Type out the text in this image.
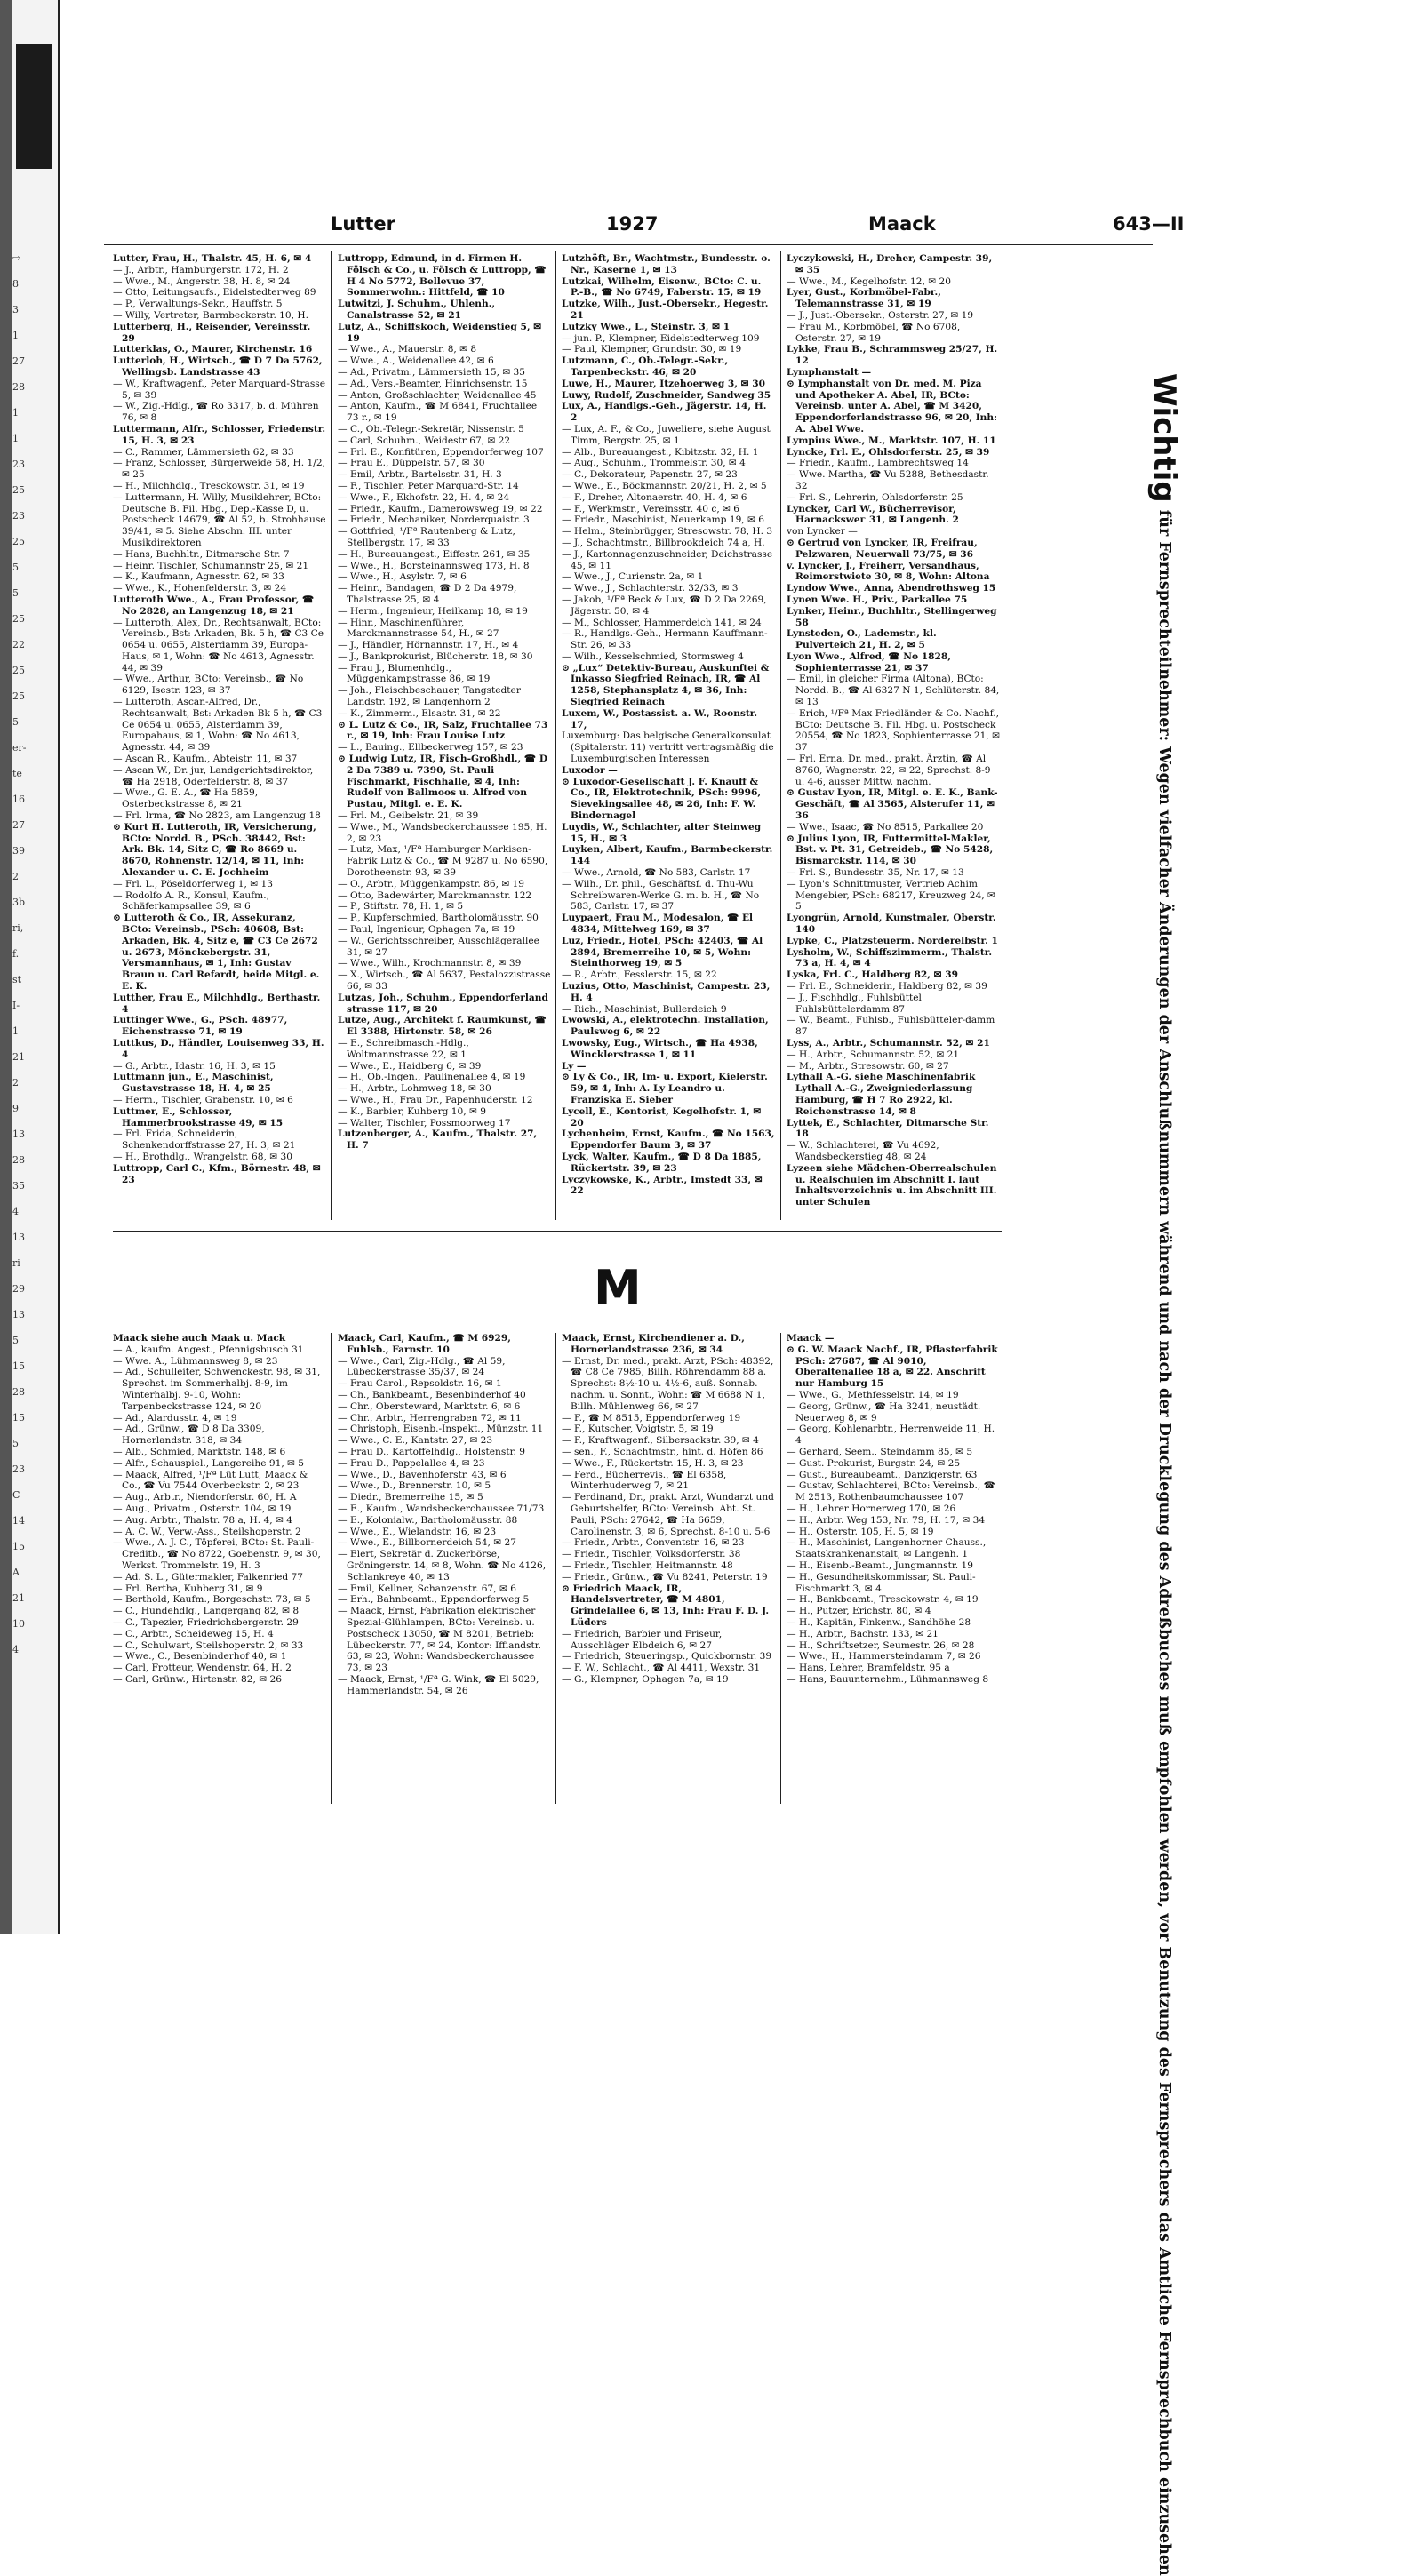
⇨
8
3
1
27
28
1
1
23
25
23
25
5
5
25
22
25
25
5
er-
te
16
27
39
2
3b
ri,
f.
st
I-
1
21
2
9
13
28
35
4
13
ri
29
13
5
15
28
15
5
23
C
14
15
A
21
10
4
Lutter	1927	Maack	643—II

Lutter, Frau, H., Thalstr. 45, H. 6, ✉ 4

— J., Arbtr., Hamburgerstr. 172, H. 2

— Wwe., M., Angerstr. 38, H. 8, ✉ 24

— Otto, Leitungsaufs., Eidelstedterweg 89

— P., Verwaltungs-Sekr., Hauffstr. 5

— Willy, Vertreter, Barmbeckerstr. 10, H.

Lutterberg, H., Reisender, Vereinsstr. 29

Lutterklas, O., Maurer, Kirchenstr. 16

Lutterloh, H., Wirtsch., ☎ D 7 Da 5762, Wellingsb. Landstrasse 43

— W., Kraftwagenf., Peter Marquard-Strasse 5, ✉ 39

— W., Zig.-Hdlg., ☎ Ro 3317, b. d. Mühren 76, ✉ 8

Luttermann, Alfr., Schlosser, Friedenstr. 15, H. 3, ✉ 23

— C., Rammer, Lämmersieth 62, ✉ 33

— Franz, Schlosser, Bürgerweide 58, H. 1/2, ✉ 25

— H., Milchhdlg., Tresckowstr. 31, ✉ 19

— Luttermann, H. Willy, Musiklehrer, BCto: Deutsche B. Fil. Hbg., Dep.-Kasse D, u. Postscheck 14679, ☎ Al 52, b. Strohhause 39/41, ✉ 5. Siehe Abschn. III. unter Musikdirektoren

— Hans, Buchhltr., Ditmarsche Str. 7

— Heinr. Tischler, Schumannstr 25, ✉ 21

— K., Kaufmann, Agnesstr. 62, ✉ 33

— Wwe., K., Hohenfelderstr. 3, ✉ 24

Lutteroth Wwe., A., Frau Professor, ☎ No 2828, an Langenzug 18, ✉ 21

— Lutteroth, Alex, Dr., Rechtsanwalt, BCto: Vereinsb., Bst: Arkaden, Bk. 5 h, ☎ C3 Ce 0654 u. 0655, Alsterdamm 39, Europa-Haus, ✉ 1, Wohn: ☎ No 4613, Agnesstr. 44, ✉ 39

— Wwe., Arthur, BCto: Vereinsb., ☎ No 6129, Isestr. 123, ✉ 37

— Lutteroth, Ascan-Alfred, Dr., Rechtsanwalt, Bst: Arkaden Bk 5 h, ☎ C3 Ce 0654 u. 0655, Alsterdamm 39, Europahaus, ✉ 1, Wohn: ☎ No 4613, Agnesstr. 44, ✉ 39

— Ascan R., Kaufm., Abteistr. 11, ✉ 37

— Ascan W., Dr. jur, Landgerichtsdirektor, ☎ Ha 2918, Oderfelderstr. 8, ✉ 37

— Wwe., G. E. A., ☎ Ha 5859, Osterbeckstrasse 8, ✉ 21

— Frl. Irma, ☎ No 2823, am Langenzug 18

⊙ Kurt H. Lutteroth, IR, Versicherung, BCto: Nordd. B., PSch. 38442, Bst: Ark. Bk. 14, Sitz C, ☎ Ro 8669 u. 8670, Rohnenstr. 12/14, ✉ 11, Inh: Alexander u. C. E. Jochheim

— Frl. L., Pöseldorferweg 1, ✉ 13

— Rodolfo A. R., Konsul, Kaufm., Schäferkampsallee 39, ✉ 6

⊙ Lutteroth & Co., IR, Assekuranz, BCto: Vereinsb., PSch: 40608, Bst: Arkaden, Bk. 4, Sitz e, ☎ C3 Ce 2672 u. 2673, Mönckebergstr. 31, Versmannhaus, ✉ 1, Inh: Gustav Braun u. Carl Refardt, beide Mitgl. e. E. K.

Lutther, Frau E., Milchhdlg., Berthastr. 4

Luttinger Wwe., G., PSch. 48977, Eichenstrasse 71, ✉ 19

Luttkus, D., Händler, Louisenweg 33, H. 4

— G., Arbtr., Idastr. 16, H. 3, ✉ 15

Luttmann jun., E., Maschinist, Gustavstrasse 18, H. 4, ✉ 25

— Herm., Tischler, Grabenstr. 10, ✉ 6

Luttmer, E., Schlosser, Hammerbrookstrasse 49, ✉ 15

— Frl. Frida, Schneiderin, Schenkendorffstrasse 27, H. 3, ✉ 21

— H., Brothdlg., Wrangelstr. 68, ✉ 30

Luttropp, Carl C., Kfm., Börnestr. 48, ✉ 23

Luttropp, Edmund, in d. Firmen H. Fölsch & Co., u. Fölsch & Luttropp, ☎ H 4 No 5772, Bellevue 37, Sommerwohn.: Hittfeld, ☎ 10

Lutwitzi, J. Schuhm., Uhlenh., Canalstrasse 52, ✉ 21

Lutz, A., Schiffskoch, Weidenstieg 5, ✉ 19

— Wwe., A., Mauerstr. 8, ✉ 8

— Wwe., A., Weidenallee 42, ✉ 6

— Ad., Privatm., Lämmersieth 15, ✉ 35

— Ad., Vers.-Beamter, Hinrichsenstr. 15

— Anton, Großschlachter, Weidenallee 45

— Anton, Kaufm., ☎ M 6841, Fruchtallee 73 r., ✉ 19

— C., Ob.-Telegr.-Sekretär, Nissenstr. 5

— Carl, Schuhm., Weidestr 67, ✉ 22

— Frl. E., Konfitüren, Eppendorferweg 107

— Frau E., Düppelstr. 57, ✉ 30

— Emil, Arbtr., Bartelsstr. 31, H. 3

— F., Tischler, Peter Marquard-Str. 14

— Wwe., F., Ekhofstr. 22, H. 4, ✉ 24

— Friedr., Kaufm., Damerowsweg 19, ✉ 22

— Friedr., Mechaniker, Norderquaistr. 3

— Gottfried, ¹/Fª Rautenberg & Lutz, Stellbergstr. 17, ✉ 33

— H., Bureauangest., Eiffestr. 261, ✉ 35

— Wwe., H., Borsteinannsweg 173, H. 8

— Wwe., H., Asylstr. 7, ✉ 6

— Heinr., Bandagen, ☎ D 2 Da 4979, Thalstrasse 25, ✉ 4

— Herm., Ingenieur, Heilkamp 18, ✉ 19

— Hinr., Maschinenführer, Marckmannstrasse 54, H., ✉ 27

— J., Händler, Hörnannstr. 17, H., ✉ 4

— J., Bankprokurist, Blücherstr. 18, ✉ 30

— Frau J., Blumenhdlg., Müggenkampstrasse 86, ✉ 19

— Joh., Fleischbeschauer, Tangstedter Landstr. 192, ✉ Langenhorn 2

— K., Zimmerm., Elsastr. 31, ✉ 22

⊙ L. Lutz & Co., IR, Salz, Fruchtallee 73 r., ✉ 19, Inh: Frau Louise Lutz

— L., Bauing., Ellbeckerweg 157, ✉ 23

⊙ Ludwig Lutz, IR, Fisch-Großhdl., ☎ D 2 Da 7389 u. 7390, St. Pauli Fischmarkt, Fischhalle, ✉ 4, Inh: Rudolf von Ballmoos u. Alfred von Pustau, Mitgl. e. E. K.

— Frl. M., Geibelstr. 21, ✉ 39

— Wwe., M., Wandsbeckerchaussee 195, H. 2, ✉ 23

— Lutz, Max, ¹/Fª Hamburger Markisen-Fabrik Lutz & Co., ☎ M 9287 u. No 6590, Dorotheenstr. 93, ✉ 39

— O., Arbtr., Müggenkampstr. 86, ✉ 19

— Otto, Badewärter, Marckmannstr. 122

— P., Stiftstr. 78, H. 1, ✉ 5

— P., Kupferschmied, Bartholomäusstr. 90

— Paul, Ingenieur, Ophagen 7a, ✉ 19

— W., Gerichtsschreiber, Ausschlägerallee 31, ✉ 27

— Wwe., Wilh., Krochmannstr. 8, ✉ 39

— X., Wirtsch., ☎ Al 5637, Pestalozzistrasse 66, ✉ 33

Lutzas, Joh., Schuhm., Eppendorferland strasse 117, ✉ 20

Lutze, Aug., Architekt f. Raumkunst, ☎ El 3388, Hirtenstr. 58, ✉ 26

— E., Schreibmasch.-Hdlg., Woltmannstrasse 22, ✉ 1

— Wwe., E., Haidberg 6, ✉ 39

— H., Ob.-Ingen., Paulinenallee 4, ✉ 19

— H., Arbtr., Lohmweg 18, ✉ 30

— Wwe., H., Frau Dr., Papenhuderstr. 12

— K., Barbier, Kuhberg 10, ✉ 9

— Walter, Tischler, Possmoorweg 17

Lutzenberger, A., Kaufm., Thalstr. 27, H. 7

Lutzhöft, Br., Wachtmstr., Bundesstr. o. Nr., Kaserne 1, ✉ 13

Lutzkai, Wilhelm, Eisenw., BCto: C. u. P.-B., ☎ No 6749, Faberstr. 15, ✉ 19

Lutzke, Wilh., Just.-Obersekr., Hegestr. 21

Lutzky Wwe., L., Steinstr. 3, ✉ 1

— jun. P., Klempner, Eidelstedterweg 109

— Paul, Klempner, Grundstr. 30, ✉ 19

Lutzmann, C., Ob.-Telegr.-Sekr., Tarpenbeckstr. 46, ✉ 20

Luwe, H., Maurer, Itzehoerweg 3, ✉ 30

Luwy, Rudolf, Zuschneider, Sandweg 35

Lux, A., Handlgs.-Geh., Jägerstr. 14, H. 2

— Lux, A. F., & Co., Juweliere, siehe August Timm, Bergstr. 25, ✉ 1

— Alb., Bureauangest., Kibitzstr. 32, H. 1

— Aug., Schuhm., Trommelstr. 30, ✉ 4

— C., Dekorateur, Papenstr. 27, ✉ 23

— Wwe., E., Böckmannstr. 20/21, H. 2, ✉ 5

— F., Dreher, Altonaerstr. 40, H. 4, ✉ 6

— F., Werkmstr., Vereinsstr. 40 c, ✉ 6

— Friedr., Maschinist, Neuerkamp 19, ✉ 6

— Helm., Steinbrügger, Stresowstr. 78, H. 3

— J., Schachtmstr., Billbrookdeich 74 a, H.

— J., Kartonnagenzuschneider, Deichstrasse 45, ✉ 11

— Wwe., J., Curienstr. 2a, ✉ 1

— Wwe., J., Schlachterstr. 32/33, ✉ 3

— Jakob, ¹/Fª Beck & Lux, ☎ D 2 Da 2269, Jägerstr. 50, ✉ 4

— M., Schlosser, Hammerdeich 141, ✉ 24

— R., Handlgs.-Geh., Hermann Kauffmann-Str. 26, ✉ 33

— Wilh., Kesselschmied, Stormsweg 4

⊙ „Lux“ Detektiv-Bureau, Auskunftei & Inkasso Siegfried Reinach, IR, ☎ Al 1258, Stephansplatz 4, ✉ 36, Inh: Siegfried Reinach

Luxem, W., Postassist. a. W., Roonstr. 17,

Luxemburg: Das belgische Generalkonsulat (Spitalerstr. 11) vertritt vertragsmäßig die Luxemburgischen Interessen

Luxodor —

⊙ Luxodor-Gesellschaft J. F. Knauff & Co., IR, Elektrotechnik, PSch: 9996, Sievekingsallee 48, ✉ 26, Inh: F. W. Bindernagel

Luydis, W., Schlachter, alter Steinweg 15, H., ✉ 3

Luyken, Albert, Kaufm., Barmbeckerstr. 144

— Wwe., Arnold, ☎ No 583, Carlstr. 17

— Wilh., Dr. phil., Geschäftsf. d. Thu-Wu Schreibwaren-Werke G. m. b. H., ☎ No 583, Carlstr. 17, ✉ 37

Luypaert, Frau M., Modesalon, ☎ El 4834, Mittelweg 169, ✉ 37

Luz, Friedr., Hotel, PSch: 42403, ☎ Al 2894, Bremerreihe 10, ✉ 5, Wohn: Steinthorweg 19, ✉ 5

— R., Arbtr., Fesslerstr. 15, ✉ 22

Luzius, Otto, Maschinist, Campestr. 23, H. 4

— Rich., Maschinist, Bullerdeich 9

Lwowski, A., elektrotechn. Installation, Paulsweg 6, ✉ 22

Lwowsky, Eug., Wirtsch., ☎ Ha 4938, Wincklerstrasse 1, ✉ 11

Ly —

⊙ Ly & Co., IR, Im- u. Export, Kielerstr. 59, ✉ 4, Inh: A. Ly Leandro u. Franziska E. Sieber

Lycell, E., Kontorist, Kegelhofstr. 1, ✉ 20

Lychenheim, Ernst, Kaufm., ☎ No 1563, Eppendorfer Baum 3, ✉ 37

Lyck, Walter, Kaufm., ☎ D 8 Da 1885, Rückertstr. 39, ✉ 23

Lyczykowske, K., Arbtr., Imstedt 33, ✉ 22

Lyczykowski, H., Dreher, Campestr. 39, ✉ 35

— Wwe., M., Kegelhofstr. 12, ✉ 20

Lyer, Gust., Korbmöbel-Fabr., Telemannstrasse 31, ✉ 19

— J., Just.-Obersekr., Osterstr. 27, ✉ 19

— Frau M., Korbmöbel, ☎ No 6708, Osterstr. 27, ✉ 19

Lykke, Frau B., Schrammsweg 25/27, H. 12

Lymphanstalt —

⊙ Lymphanstalt von Dr. med. M. Piza und Apotheker A. Abel, IR, BCto: Vereinsb. unter A. Abel, ☎ M 3420, Eppendorferlandstrasse 96, ✉ 20, Inh: A. Abel Wwe.

Lympius Wwe., M., Marktstr. 107, H. 11

Lyncke, Frl. E., Ohlsdorferstr. 25, ✉ 39

— Friedr., Kaufm., Lambrechtsweg 14

— Wwe. Martha, ☎ Vu 5288, Bethesdastr. 32

— Frl. S., Lehrerin, Ohlsdorferstr. 25

Lyncker, Carl W., Bücherrevisor, Harnackswег 31, ✉ Langenh. 2

von Lyncker —

⊙ Gertrud von Lyncker, IR, Freifrau, Pelzwaren, Neuerwall 73/75, ✉ 36

v. Lyncker, J., Freiherr, Versandhaus, Reimerstwiete 30, ✉ 8, Wohn: Altona

Lyndow Wwe., Anna, Abendrothsweg 15

Lynen Wwe. H., Priv., Parkallee 75

Lynker, Heinr., Buchhltr., Stellingerweg 58

Lynsteden, O., Lademstr., kl. Pulverteich 21, H. 2, ✉ 5

Lyon Wwe., Alfred, ☎ No 1828, Sophienterrasse 21, ✉ 37

— Emil, in gleicher Firma (Altona), BCto: Nordd. B., ☎ Al 6327 N 1, Schlüterstr. 84, ✉ 13

— Erich, ¹/Fª Max Friedländer & Co. Nachf., BCto: Deutsche B. Fil. Hbg. u. Postscheck 20554, ☎ No 1823, Sophienterrasse 21, ✉ 37

— Frl. Erna, Dr. med., prakt. Ärztin, ☎ Al 8760, Wagnerstr. 22, ✉ 22, Sprechst. 8-9 u. 4-6, ausser Mittw. nachm.

⊙ Gustav Lyon, IR, Mitgl. e. E. K., Bank-Geschäft, ☎ Al 3565, Alsterufer 11, ✉ 36

— Wwe., Isaac, ☎ No 8515, Parkallee 20

⊙ Julius Lyon, IR, Futtermittel-Makler, Bst. v. Pt. 31, Getreideb., ☎ No 5428, Bismarckstr. 114, ✉ 30

— Frl. S., Bundesstr. 35, Nr. 17, ✉ 13

— Lyon's Schnittmuster, Vertrieb Achim Mengebier, PSch: 68217, Kreuzweg 24, ✉ 5

Lyongrün, Arnold, Kunstmaler, Oberstr. 140

Lypke, C., Platzsteuerm. Norderelbstr. 1

Lysholm, W., Schiffszimmerm., Thalstr. 73 a, H. 4, ✉ 4

Lyska, Frl. C., Haldberg 82, ✉ 39

— Frl. E., Schneiderin, Haldberg 82, ✉ 39

— J., Fischhdlg., Fuhlsbüttel Fuhlsbüttelerdamm 87

— W., Beamt., Fuhlsb., Fuhlsbütteler-damm 87

Lyss, A., Arbtr., Schumannstr. 52, ✉ 21

— H., Arbtr., Schumannstr. 52, ✉ 21

— M., Arbtr., Stresowstr. 60, ✉ 27

Lythall A.-G. siehe Maschinenfabrik Lythall A.-G., Zweigniederlassung Hamburg, ☎ H 7 Ro 2922, kl. Reichenstrasse 14, ✉ 8

Lyttek, E., Schlachter, Ditmarsche Str. 18

— W., Schlachterei, ☎ Vu 4692, Wandsbeckerstieg 48, ✉ 24

Lyzeen siehe Mädchen-Oberrealschulen u. Realschulen im Abschnitt I. laut Inhaltsverzeichnis u. im Abschnitt III. unter Schulen

Maack siehe auch Maak u. Mack

— A., kaufm. Angest., Pfennigsbusch 31

— Wwe. A., Lühmannsweg 8, ✉ 23

— Ad., Schulleiter, Schwenckestr. 98, ✉ 31, Sprechst. im Sommerhalbj. 8-9, im Winterhalbj. 9-10, Wohn: Tarpenbeckstrasse 124, ✉ 20

— Ad., Alardusstr. 4, ✉ 19

— Ad., Grünw., ☎ D 8 Da 3309, Hornerlandstr. 318, ✉ 34

— Alb., Schmied, Marktstr. 148, ✉ 6

— Alfr., Schauspiel., Langereihe 91, ✉ 5

— Maack, Alfred, ¹/Fª Lüt Lutt, Maack & Co., ☎ Vu 7544 Overbeckstr. 2, ✉ 23

— Aug., Arbtr., Niendorferstr. 60, H. A

— Aug., Privatm., Osterstr. 104, ✉ 19

— Aug. Arbtr., Thalstr. 78 a, H. 4, ✉ 4

— A. C. W., Verw.-Ass., Steilshoperstr. 2

— Wwe., A. J. C., Töpferei, BCto: St. Pauli-Creditb., ☎ No 8722, Goebenstr. 9, ✉ 30, Werkst. Trommelstr. 19, H. 3

— Ad. S. L., Gütermakler, Falkenried 77

— Frl. Bertha, Kuhberg 31, ✉ 9

— Berthold, Kaufm., Borgeschstr. 73, ✉ 5

— C., Hundehdlg., Langergang 82, ✉ 8

— C., Tapezier, Friedrichsbergerstr. 29

— C., Arbtr., Scheideweg 15, H. 4

— C., Schulwart, Steilshoperstr. 2, ✉ 33

— Wwe., C., Besenbinderhof 40, ✉ 1

— Carl, Frotteur, Wendenstr. 64, H. 2

— Carl, Grünw., Hirtenstr. 82, ✉ 26

Maack, Carl, Kaufm., ☎ M 6929, Fuhlsb., Farnstr. 10

— Wwe., Carl, Zig.-Hdlg., ☎ Al 59, Lübeckerstrasse 35/37, ✉ 24

— Frau Carol., Repsoldstr. 16, ✉ 1

— Ch., Bankbeamt., Besenbinderhof 40

— Chr., Obersteward, Marktstr. 6, ✉ 6

— Chr., Arbtr., Herrengraben 72, ✉ 11

— Christoph, Eisenb.-Inspekt., Münzstr. 11

— Wwe., C. E., Kantstr. 27, ✉ 23

— Frau D., Kartoffelhdlg., Holstenstr. 9

— Frau D., Pappelallee 4, ✉ 23

— Wwe., D., Bavenhoferstr. 43, ✉ 6

— Wwe., D., Brennerstr. 10, ✉ 5

— Diedr., Bremerreihe 15, ✉ 5

— E., Kaufm., Wandsbeckerchaussee 71/73

— E., Kolonialw., Bartholomäusstr. 88

— Wwe., E., Wielandstr. 16, ✉ 23

— Wwe., E., Billbornerdeich 54, ✉ 27

— Elert, Sekretär d. Zuckerbörse, Gröningerstr. 14, ✉ 8, Wohn. ☎ No 4126, Schlankreye 40, ✉ 13

— Emil, Kellner, Schanzenstr. 67, ✉ 6

— Erh., Bahnbeamt., Eppendorferweg 5

— Maack, Ernst, Fabrikation elektrischer Spezial-Glühlampen, BCto: Vereinsb. u. Postscheck 13050, ☎ M 8201, Betrieb: Lübeckerstr. 77, ✉ 24, Kontor: Iffiandstr. 63, ✉ 23, Wohn: Wandsbeckerchaussee 73, ✉ 23

— Maack, Ernst, ¹/Fª G. Wink, ☎ El 5029, Hammerlandstr. 54, ✉ 26

Maack, Ernst, Kirchendiener a. D., Hornerlandstrasse 236, ✉ 34

— Ernst, Dr. med., prakt. Arzt, PSch: 48392, ☎ C8 Ce 7985, Billh. Röhrendamm 88 a. Sprechst: 8½-10 u. 4½-6, auß. Sonnab. nachm. u. Sonnt., Wohn: ☎ M 6688 N 1, Billh. Mühlenweg 66, ✉ 27

— F., ☎ M 8515, Eppendorferweg 19

— F., Kutscher, Voigtstr. 5, ✉ 19

— F., Kraftwagenf., Silbersackstr. 39, ✉ 4

— sen., F., Schachtmstr., hint. d. Höfen 86

— Wwe., F., Rückertstr. 15, H. 3, ✉ 23

— Ferd., Bücherrevis., ☎ El 6358, Winterhuderweg 7, ✉ 21

— Ferdinand, Dr., prakt. Arzt, Wundarzt und Geburtshelfer, BCto: Vereinsb. Abt. St. Pauli, PSch: 27642, ☎ Ha 6659, Carolinenstr. 3, ✉ 6, Sprechst. 8-10 u. 5-6

— Friedr., Arbtr., Conventstr. 16, ✉ 23

— Friedr., Tischler, Volksdorferstr. 38

— Friedr., Tischler, Heitmannstr. 48

— Friedr., Grünw., ☎ Vu 8241, Peterstr. 19

⊙ Friedrich Maack, IR, Handelsvertreter, ☎ M 4801, Grindelallee 6, ✉ 13, Inh: Frau F. D. J. Lüders

— Friedrich, Barbier und Friseur, Ausschläger Elbdeich 6, ✉ 27

— Friedrich, Steueringsp., Quickbornstr. 39

— F. W., Schlacht., ☎ Al 4411, Wexstr. 31

— G., Klempner, Ophagen 7a, ✉ 19

Maack —

⊙ G. W. Maack Nachf., IR, Pflasterfabrik PSch: 27687, ☎ Al 9010, Oberaltenallee 18 a, ✉ 22. Anschrift nur Hamburg 15

— Wwe., G., Methfesselstr. 14, ✉ 19

— Georg, Grünw., ☎ Ha 3241, neustädt. Neuerweg 8, ✉ 9

— Georg, Kohlenarbtr., Herrenweide 11, H. 4

— Gerhard, Seem., Steindamm 85, ✉ 5

— Gust. Prokurist, Burgstr. 24, ✉ 25

— Gust., Bureaubeamt., Danzigerstr. 63

— Gustav, Schlachterei, BCto: Vereinsb., ☎ M 2513, Rothenbaumchaussee 107

— H., Lehrer Hornerweg 170, ✉ 26

— H., Arbtr. Weg 153, Nr. 79, H. 17, ✉ 34

— H., Osterstr. 105, H. 5, ✉ 19

— H., Maschinist, Langenhorner Chauss., Staatskrankenanstalt, ✉ Langenh. 1

— H., Eisenb.-Beamt., Jungmannstr. 19

— H., Gesundheitskommissar, St. Pauli-Fischmarkt 3, ✉ 4

— H., Bankbeamt., Tresckowstr. 4, ✉ 19

— H., Putzer, Erichstr. 80, ✉ 4

— H., Kapitän, Finkenw., Sandhöhe 28

— H., Arbtr., Bachstr. 133, ✉ 21

— H., Schriftsetzer, Seumestr. 26, ✉ 28

— Wwe., H., Hammersteindamm 7, ✉ 26

— Hans, Lehrer, Bramfeldstr. 95 a

— Hans, Bauunternehm., Lühmannsweg 8

M
Wichtigfür Fernsprechteilnehmer: Wegen vielfacher Änderungen der Anschlußnummern während und nach der Drucklegung des Adreßbuches muß empfohlen werden, vor Benutzung des Fernsprechers das Amtliche Fernsprechbuch einzusehen
